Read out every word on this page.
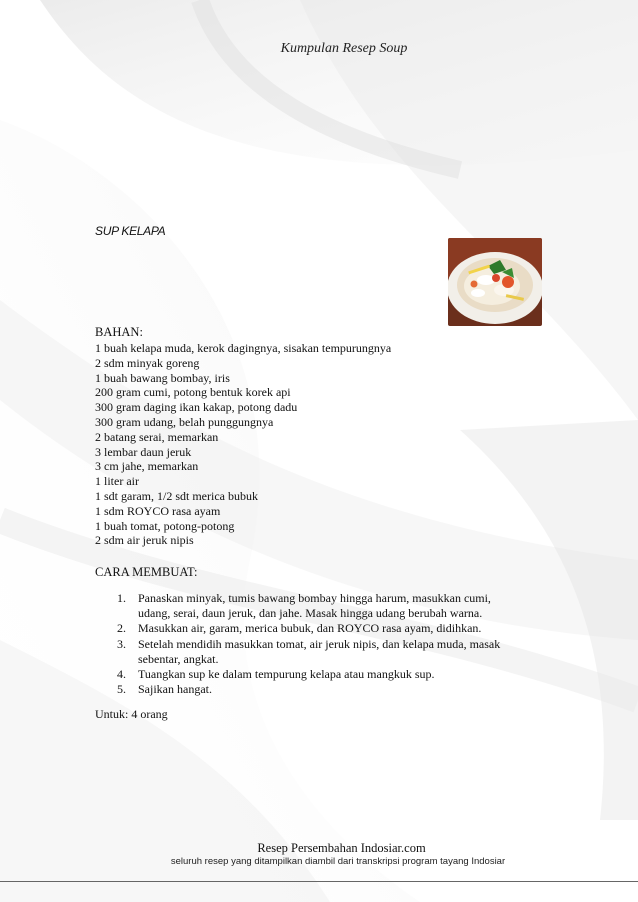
Kumpulan Resep Soup
SUP KELAPA
BAHAN:
1 buah kelapa muda, kerok dagingnya, sisakan tempurungnya
2 sdm minyak goreng
1 buah bawang bombay, iris
200 gram cumi, potong bentuk korek api
300 gram daging ikan kakap, potong dadu
300 gram udang, belah punggungnya
2 batang serai, memarkan
3 lembar daun jeruk
3 cm jahe, memarkan
1 liter air
1 sdt garam, 1/2 sdt merica bubuk
1 sdm ROYCO rasa ayam
1 buah tomat, potong-potong
2 sdm air jeruk nipis
CARA MEMBUAT:
1. Panaskan minyak, tumis bawang bombay hingga harum, masukkan cumi,
udang, serai, daun jeruk, dan jahe. Masak hingga udang berubah warna.
2. Masukkan air, garam, merica bubuk, dan ROYCO rasa ayam, didihkan.
3. Setelah mendidih masukkan tomat, air jeruk nipis, dan kelapa muda, masak
sebentar, angkat.
4. Tuangkan sup ke dalam tempurung kelapa atau mangkuk sup.
5. Sajikan hangat.
Untuk: 4 orang
Resep Persembahan Indosiar.com
seluruh resep yang ditampilkan diambil dari transkripsi program tayang Indosiar
